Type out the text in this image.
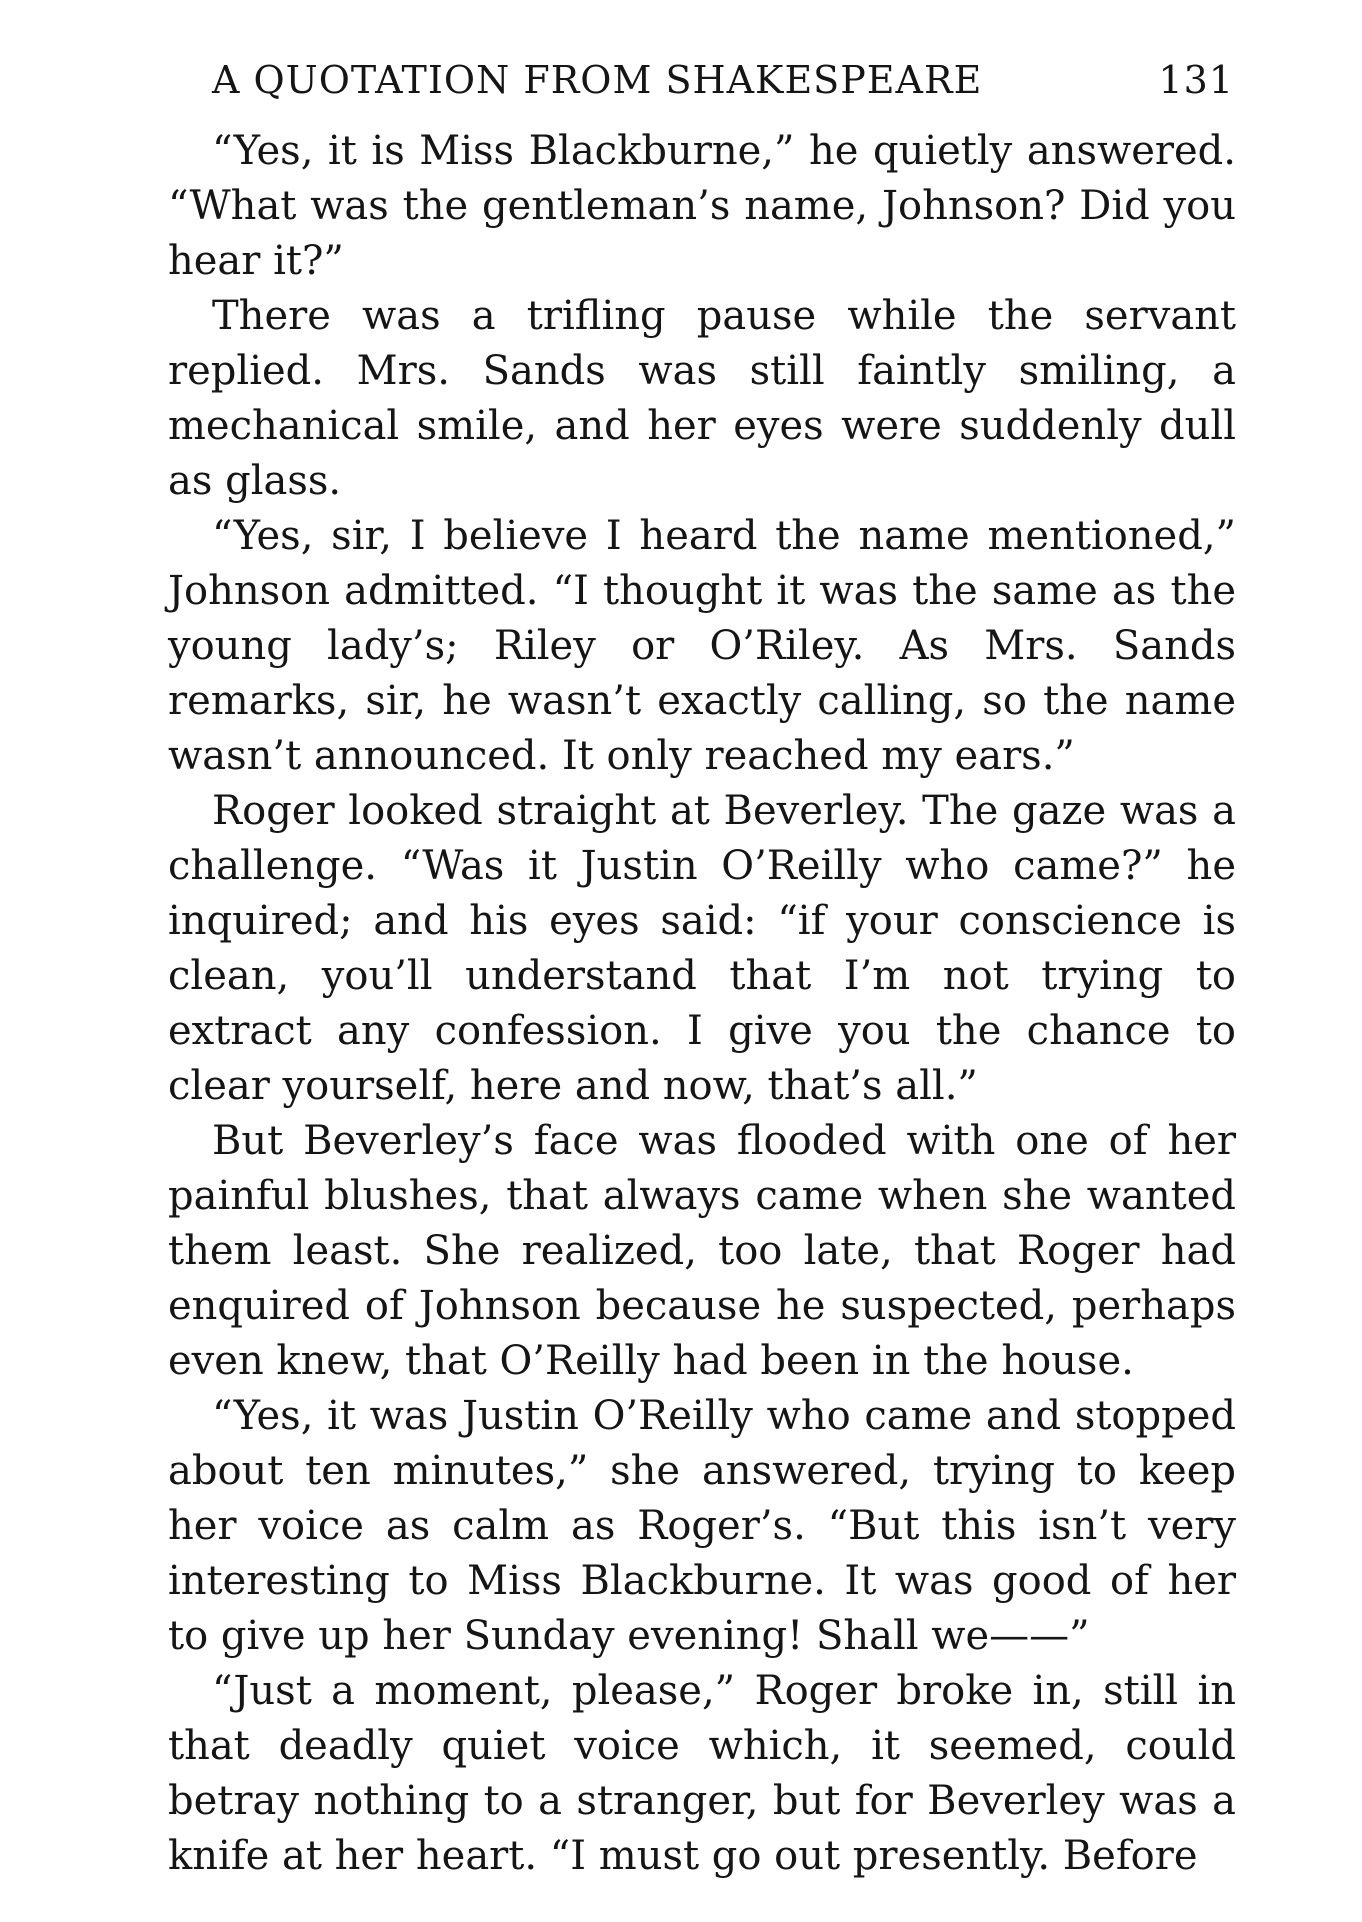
A QUOTATION FROM SHAKESPEARE	131

“Yes, it is Miss Blackburne,” he quietly answered. “What was the gentleman’s name, Johnson? Did you hear it?”

There was a trifling pause while the servant replied. Mrs. Sands was still faintly smiling, a mechanical smile, and her eyes were suddenly dull as glass.

“Yes, sir, I believe I heard the name mentioned,” Johnson admitted. “I thought it was the same as the young lady’s; Riley or O’Riley. As Mrs. Sands remarks, sir, he wasn’t exactly calling, so the name wasn’t announced. It only reached my ears.”

Roger looked straight at Beverley. The gaze was a challenge. “Was it Justin O’Reilly who came?” he inquired; and his eyes said: “if your conscience is clean, you’ll understand that I’m not trying to extract any confession. I give you the chance to clear yourself, here and now, that’s all.”

But Beverley’s face was flooded with one of her painful blushes, that always came when she wanted them least. She realized, too late, that Roger had enquired of Johnson because he suspected, perhaps even knew, that O’Reilly had been in the house.

“Yes, it was Justin O’Reilly who came and stopped about ten minutes,” she answered, trying to keep her voice as calm as Roger’s. “But this isn’t very interesting to Miss Blackburne. It was good of her to give up her Sunday evening! Shall we——”

“Just a moment, please,” Roger broke in, still in that deadly quiet voice which, it seemed, could betray nothing to a stranger, but for Beverley was a knife at her heart. “I must go out presently. Before
